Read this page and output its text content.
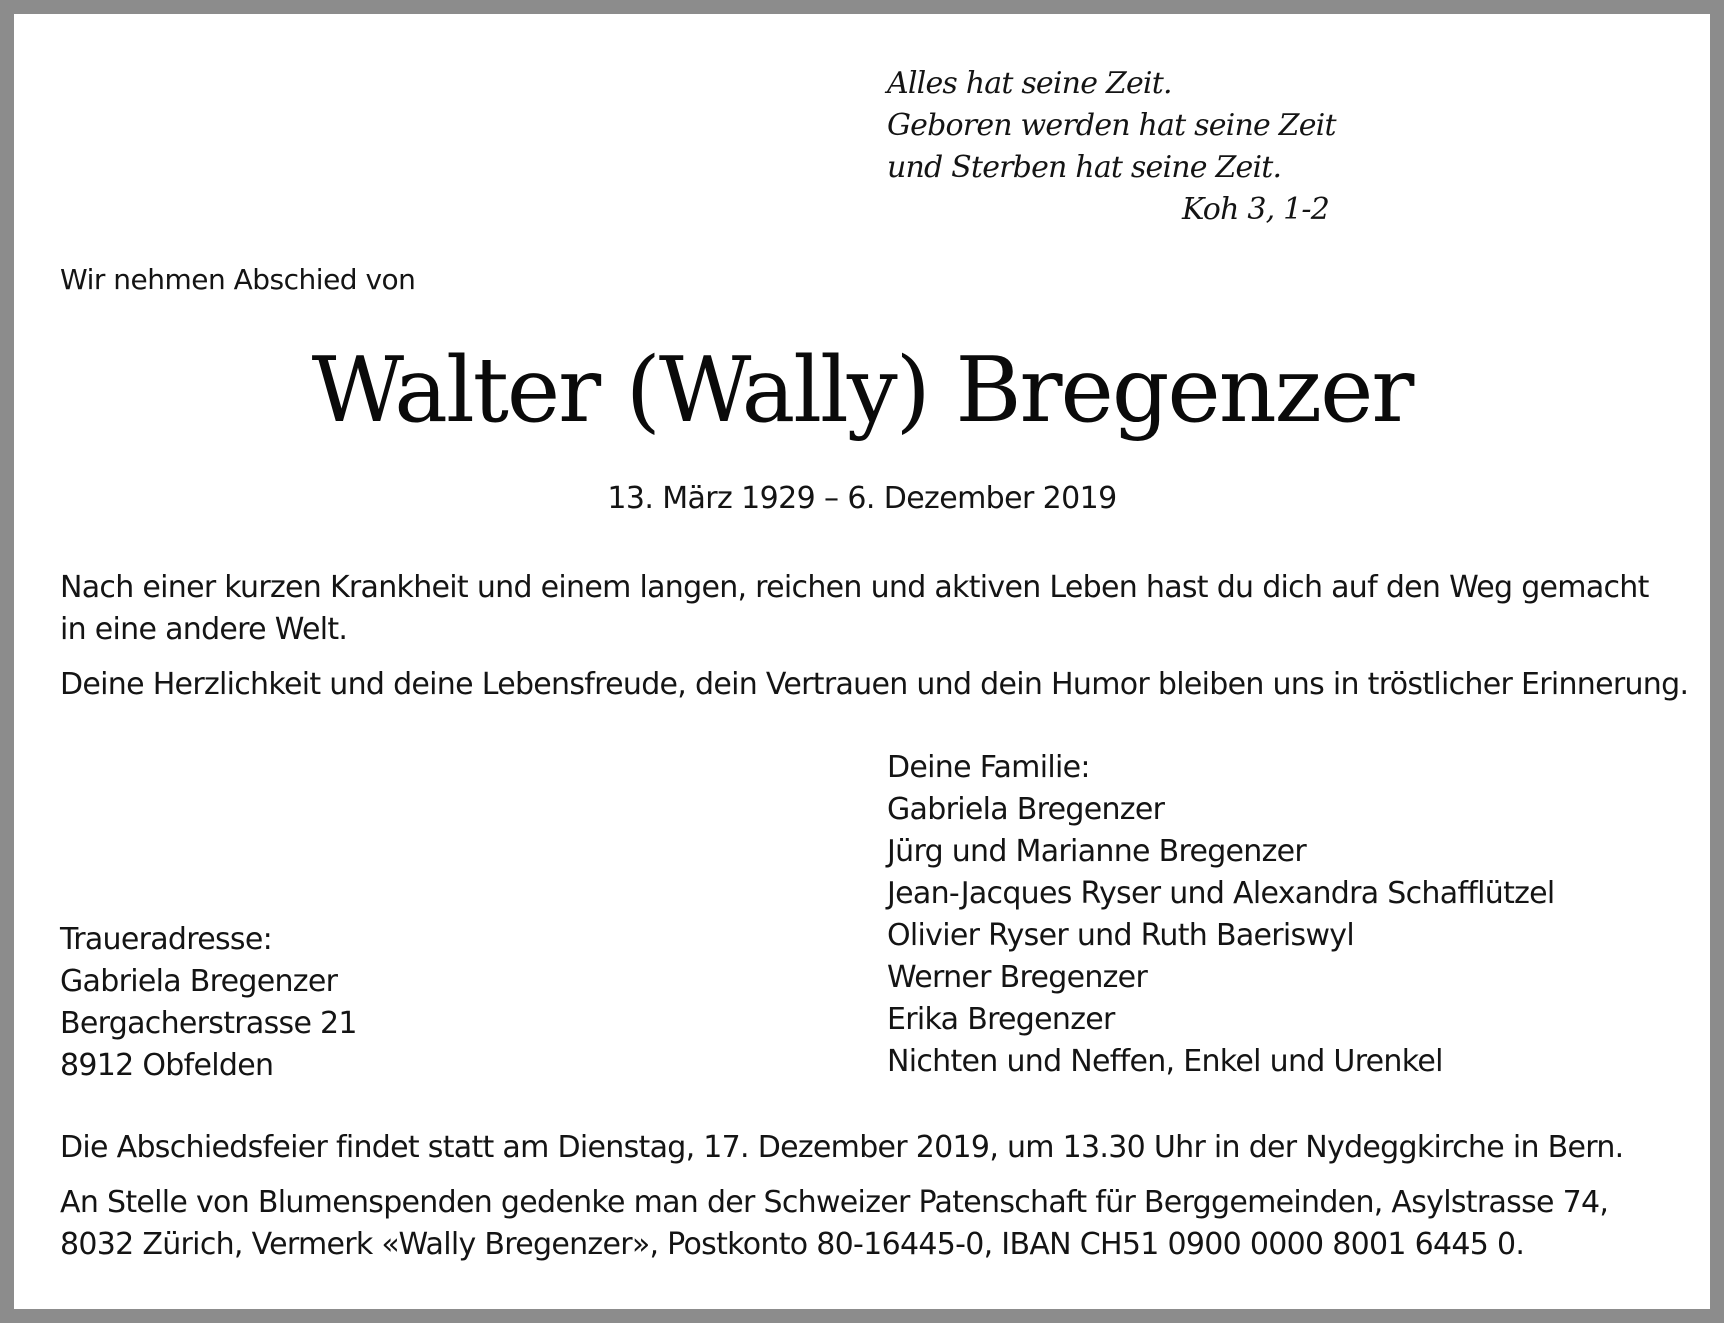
Alles hat seine Zeit.
Geboren werden hat seine Zeit
und Sterben hat seine Zeit.
Koh 3, 1-2
Wir nehmen Abschied von
Walter (Wally) Bregenzer
13. März 1929 – 6. Dezember 2019
Nach einer kurzen Krankheit und einem langen, reichen und aktiven Leben hast du dich auf den Weg gemacht
in eine andere Welt.
Deine Herzlichkeit und deine Lebensfreude, dein Vertrauen und dein Humor bleiben uns in tröstlicher Erinnerung.
Deine Familie:
Gabriela Bregenzer
Jürg und Marianne Bregenzer
Jean-Jacques Ryser und Alexandra Schafflützel
Olivier Ryser und Ruth Baeriswyl
Werner Bregenzer
Erika Bregenzer
Nichten und Neffen, Enkel und Urenkel
Traueradresse:
Gabriela Bregenzer
Bergacherstrasse 21
8912 Obfelden
Die Abschiedsfeier findet statt am Dienstag, 17. Dezember 2019, um 13.30 Uhr in der Nydeggkirche in Bern.
An Stelle von Blumenspenden gedenke man der Schweizer Patenschaft für Berggemeinden, Asylstrasse 74,
8032 Zürich, Vermerk «Wally Bregenzer», Postkonto 80-16445-0, IBAN CH51 0900 0000 8001 6445 0.
